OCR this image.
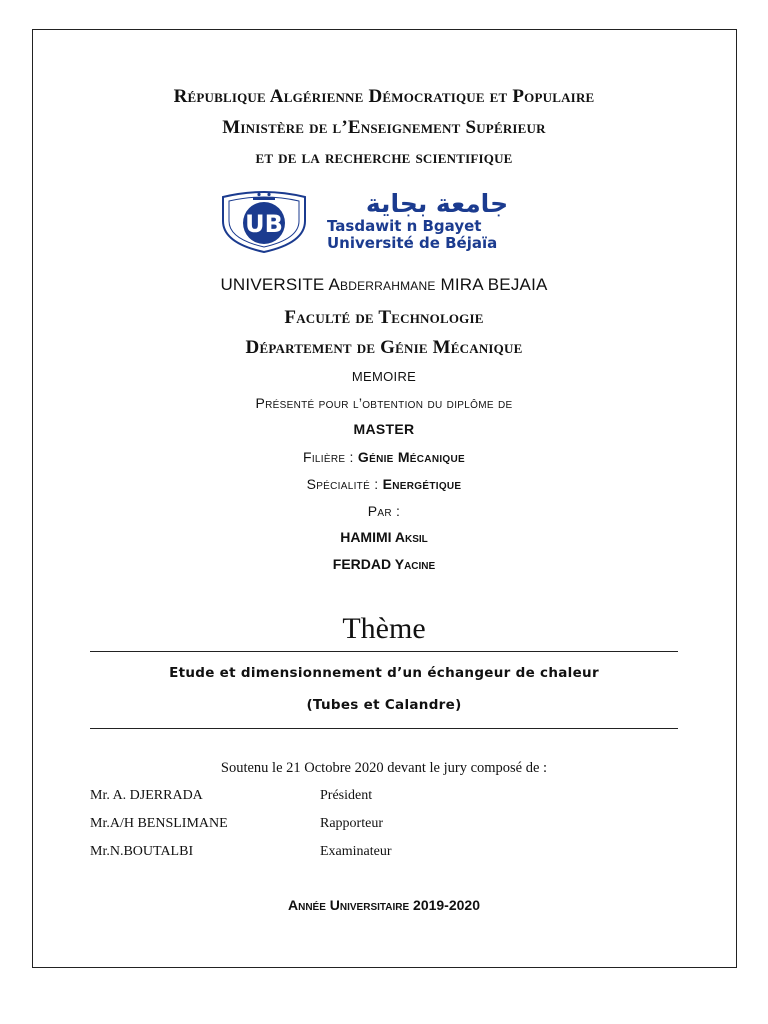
République Algérienne Démocratique et Populaire
Ministère de l’Enseignement Supérieur
et de la recherche scientifique
UB
جامعة بجاية
Tasdawit n Bgayet
Université de Béjaïa
UNIVERSITE Abderrahmane MIRA BEJAIA
Faculté de Technologie
Département de Génie Mécanique
MEMOIRE
Présenté pour l’obtention du diplôme de
MASTER
Filière : Génie Mécanique
Spécialité : Energétique
Par :
HAMIMI Aksil
FERDAD Yacine
Thème
Etude et dimensionnement d’un échangeur de chaleur
(Tubes et Calandre)
Soutenu le 21 Octobre 2020 devant le jury composé de :
Mr. A. DJERRADA	Président
Mr.A/H BENSLIMANE	Rapporteur
Mr.N.BOUTALBI	Examinateur
Année Universitaire 2019-2020
